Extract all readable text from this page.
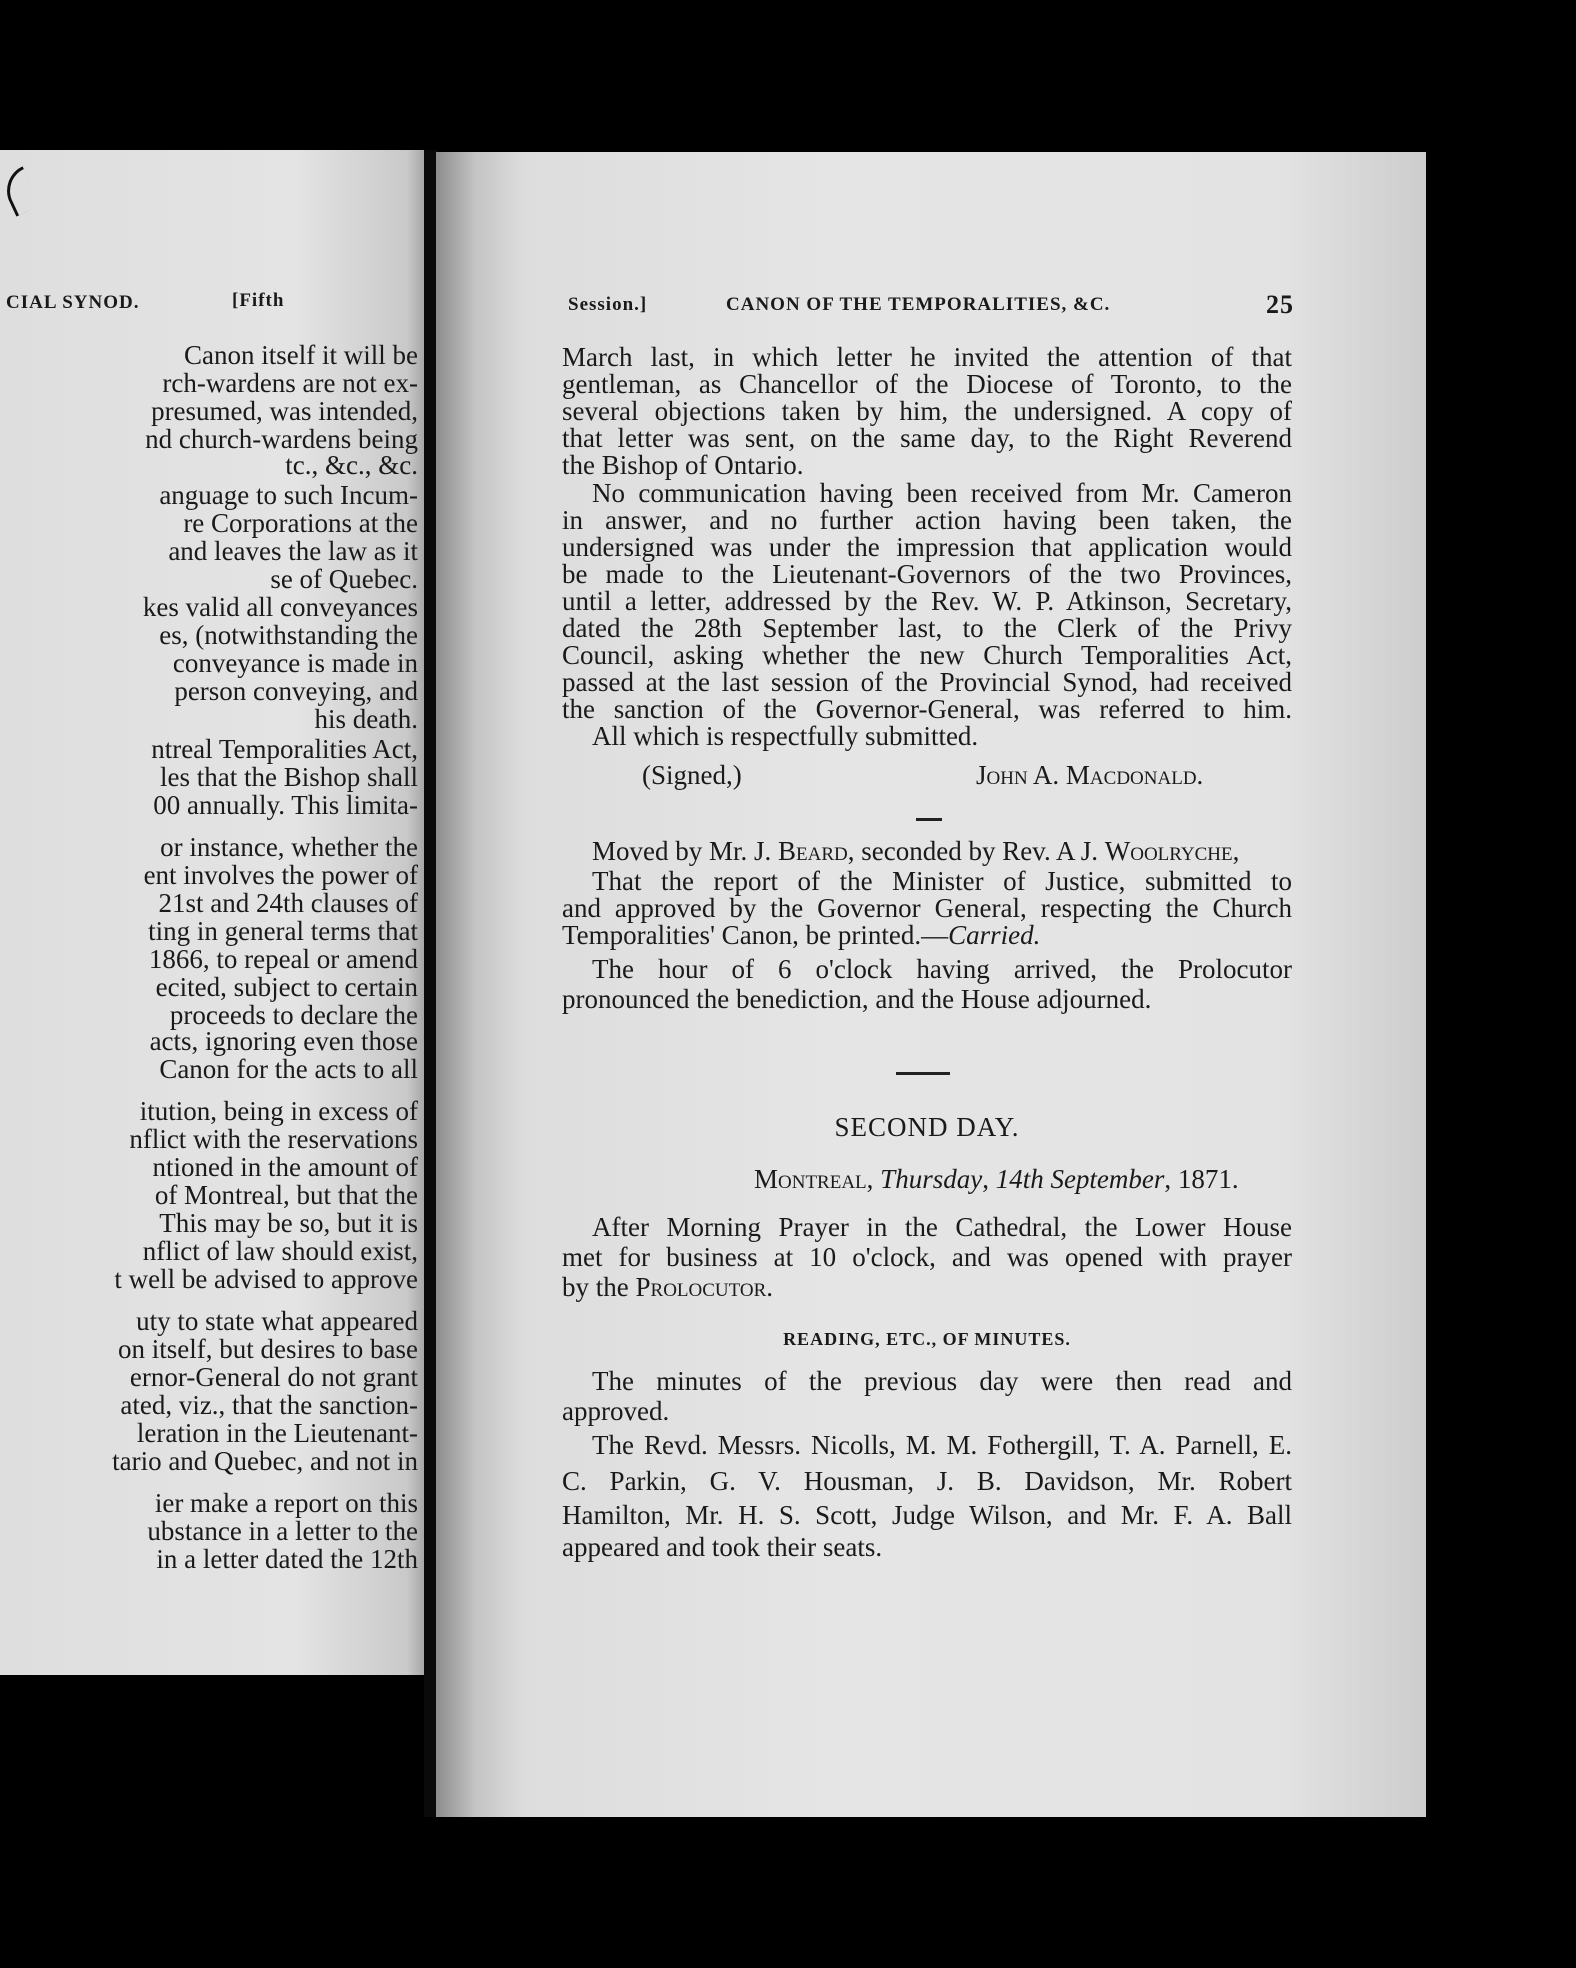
CIAL SYNOD.	[Fifth
Canon itself it will be
rch-wardens are not ex-
presumed, was intended,
nd church-wardens being
tc., &c., &c.
anguage to such Incum-
re Corporations at the
and leaves the law as it
se of Quebec.
kes valid all conveyances
es, (notwithstanding the
conveyance is made in
person conveying, and
his death.
ntreal Temporalities Act,
les that the Bishop shall
00 annually. This limita-
or instance, whether the
ent involves the power of
21st and 24th clauses of
ting in general terms that
1866, to repeal or amend
ecited, subject to certain
proceeds to declare the
acts, ignoring even those
Canon for the acts to all
itution, being in excess of
nflict with the reservations
ntioned in the amount of
of Montreal, but that the
This may be so, but it is
nflict of law should exist,
t well be advised to approve
uty to state what appeared
on itself, but desires to base
ernor-General do not grant
ated, viz., that the sanction-
leration in the Lieutenant-
tario and Quebec, and not in
ier make a report on this
ubstance in a letter to the
in a letter dated the 12th
Session.]	CANON OF THE TEMPORALITIES, &C.	25
March last, in which letter he invited the attention of that
gentleman, as Chancellor of the Diocese of Toronto, to the
several objections taken by him, the undersigned. A copy of
that letter was sent, on the same day, to the Right Reverend
the Bishop of Ontario.
No communication having been received from Mr. Cameron
in answer, and no further action having been taken, the
undersigned was under the impression that application would
be made to the Lieutenant-Governors of the two Provinces,
until a letter, addressed by the Rev. W. P. Atkinson, Secretary,
dated the 28th September last, to the Clerk of the Privy
Council, asking whether the new Church Temporalities Act,
passed at the last session of the Provincial Synod, had received
the sanction of the Governor-General, was referred to him.
All which is respectfully submitted.
(Signed,)	John A. Macdonald.
Moved by Mr. J. Beard, seconded by Rev. A J. Woolryche,
That the report of the Minister of Justice, submitted to
and approved by the Governor General, respecting the Church
Temporalities' Canon, be printed.—Carried.
The hour of 6 o'clock having arrived, the Prolocutor
pronounced the benediction, and the House adjourned.
SECOND DAY.
Montreal, Thursday, 14th September, 1871.
After Morning Prayer in the Cathedral, the Lower House
met for business at 10 o'clock, and was opened with prayer
by the Prolocutor.
READING, ETC., OF MINUTES.
The minutes of the previous day were then read and
approved.
The Revd. Messrs. Nicolls, M. M. Fothergill, T. A. Parnell, E.
C. Parkin, G. V. Housman, J. B. Davidson, Mr. Robert
Hamilton, Mr. H. S. Scott, Judge Wilson, and Mr. F. A. Ball
appeared and took their seats.
